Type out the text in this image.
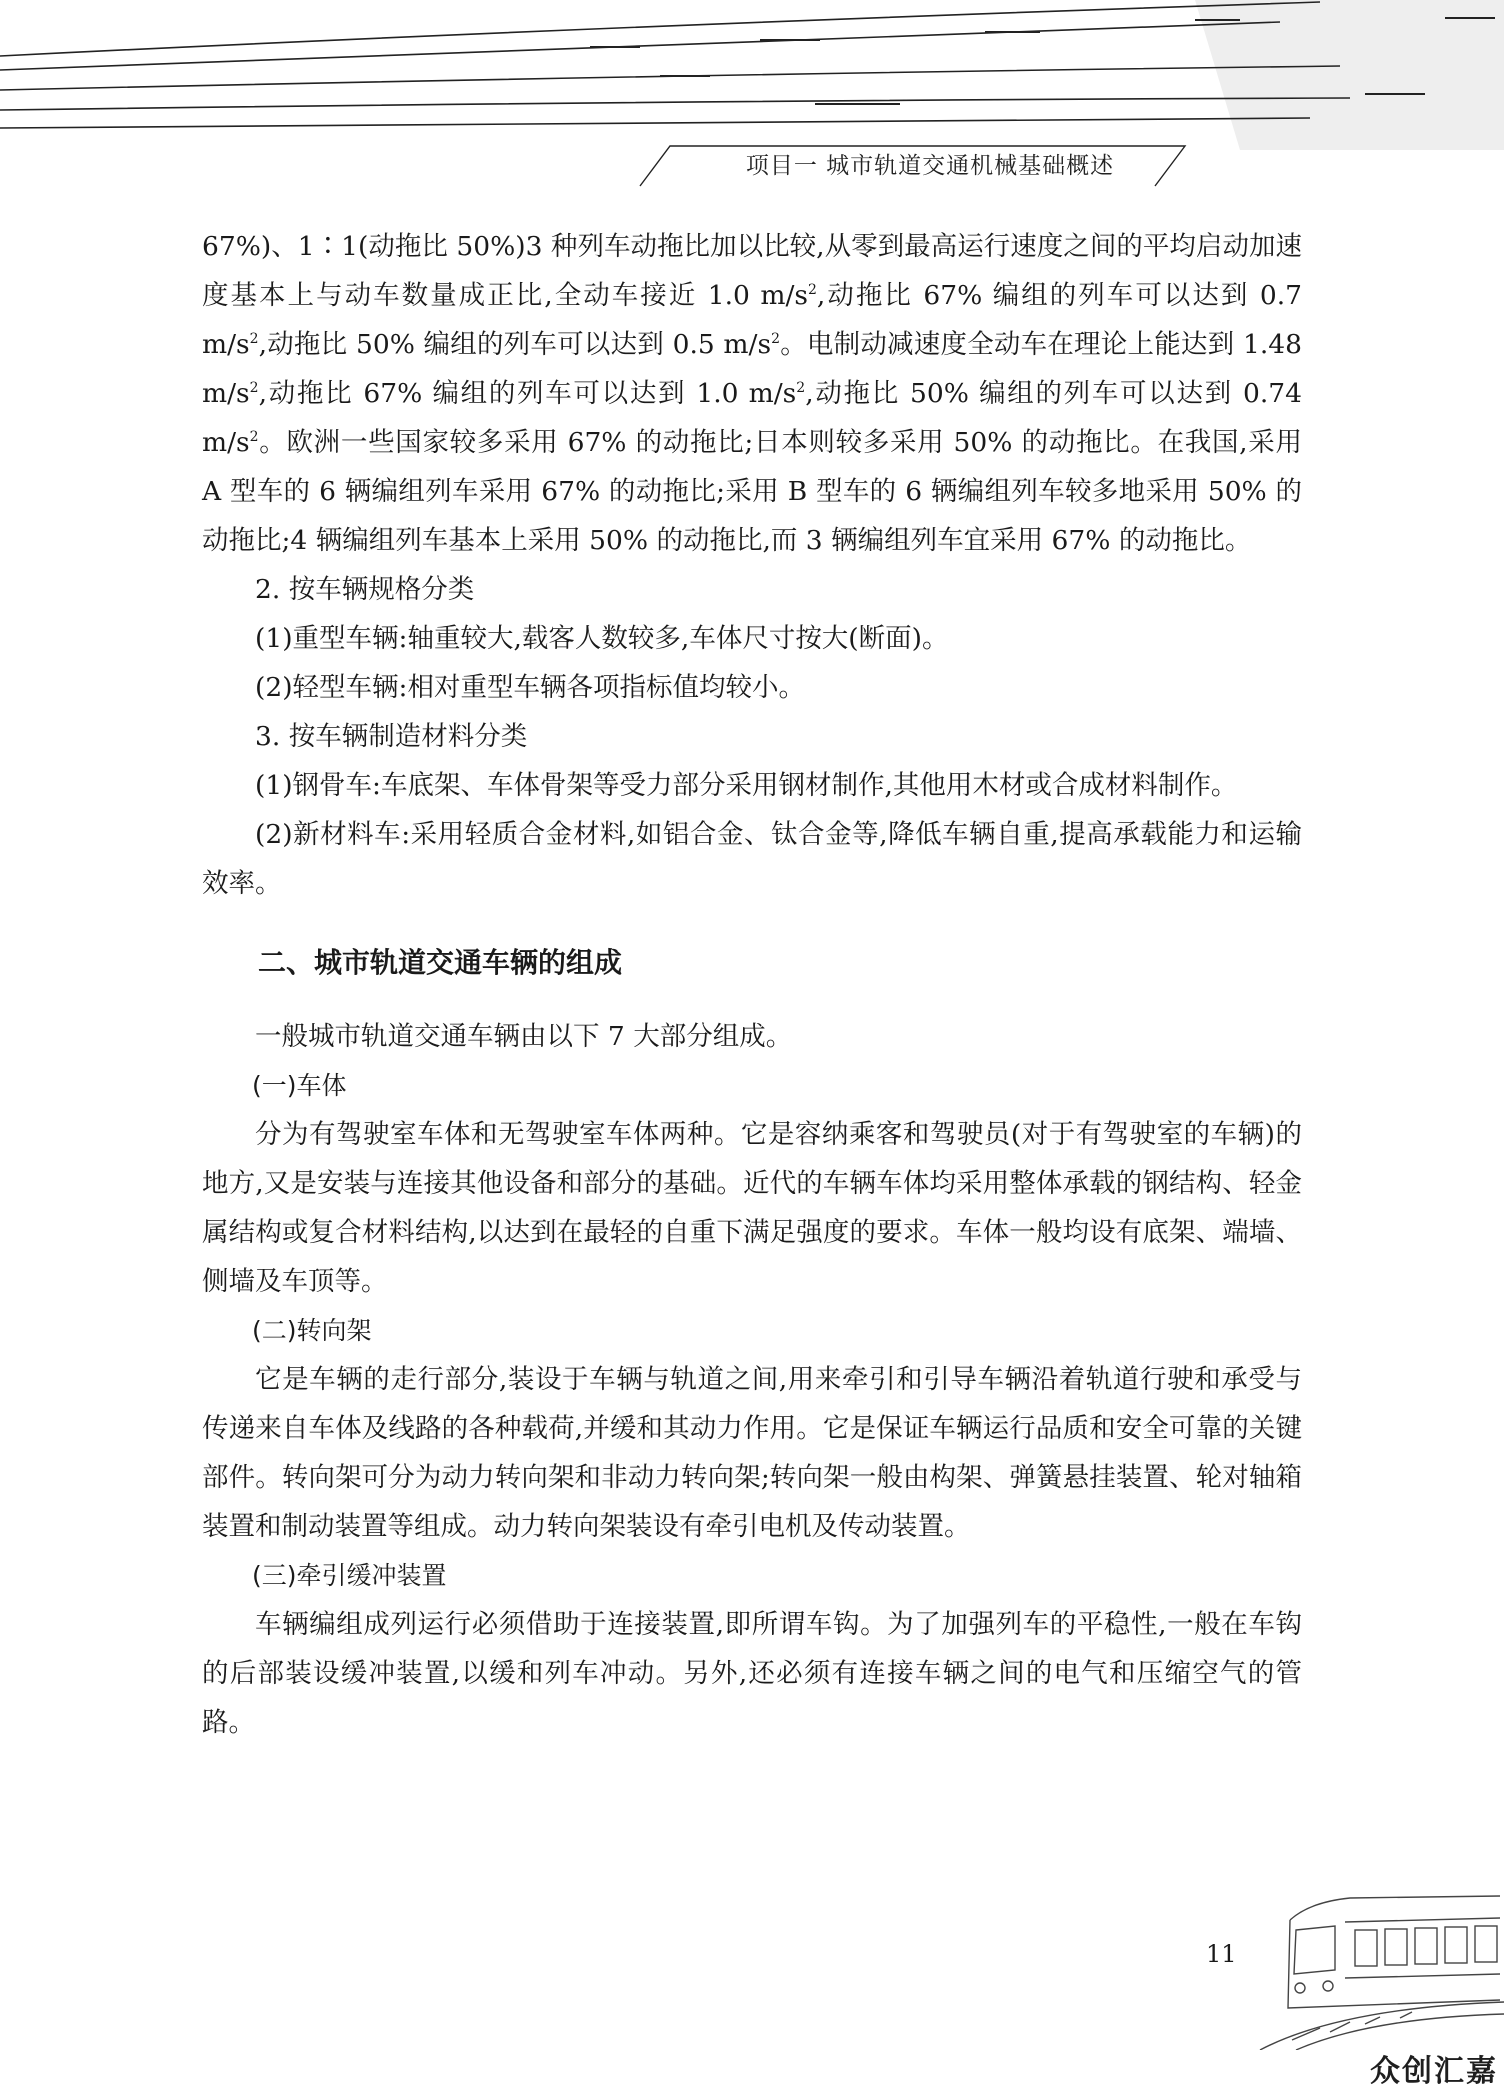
项目一 城市轨道交通机械基础概述

67%)、1∶1(动拖比 50%)3 种列车动拖比加以比较,从零到最高运行速度之间的平均启动加速度基本上与动车数量成正比,全动车接近 1.0 $m/s^2$,动拖比 67% 编组的列车可以达到 0.7 $m/s^2$,动拖比 50% 编组的列车可以达到 0.5 $m/s^2$。电制动减速度全动车在理论上能达到 1.48 $m/s^2$,动拖比 67% 编组的列车可以达到 1.0 $m/s^2$,动拖比 50% 编组的列车可以达到 0.74 $m/s^2$。欧洲一些国家较多采用 67% 的动拖比;日本则较多采用 50% 的动拖比。在我国,采用 A 型车的 6 辆编组列车采用 67% 的动拖比;采用 B 型车的 6 辆编组列车较多地采用 50% 的动拖比;4 辆编组列车基本上采用 50% 的动拖比,而 3 辆编组列车宜采用 67% 的动拖比。

2. 按车辆规格分类

(1)重型车辆:轴重较大,载客人数较多,车体尺寸按大(断面)。

(2)轻型车辆:相对重型车辆各项指标值均较小。

3. 按车辆制造材料分类

(1)钢骨车:车底架、车体骨架等受力部分采用钢材制作,其他用木材或合成材料制作。

(2)新材料车:采用轻质合金材料,如铝合金、钛合金等,降低车辆自重,提高承载能力和运输效率。

二、城市轨道交通车辆的组成

一般城市轨道交通车辆由以下 7 大部分组成。

(一)车体

分为有驾驶室车体和无驾驶室车体两种。它是容纳乘客和驾驶员(对于有驾驶室的车辆)的地方,又是安装与连接其他设备和部分的基础。近代的车辆车体均采用整体承载的钢结构、轻金属结构或复合材料结构,以达到在最轻的自重下满足强度的要求。车体一般均设有底架、端墙、侧墙及车顶等。

(二)转向架

它是车辆的走行部分,装设于车辆与轨道之间,用来牵引和引导车辆沿着轨道行驶和承受与传递来自车体及线路的各种载荷,并缓和其动力作用。它是保证车辆运行品质和安全可靠的关键部件。转向架可分为动力转向架和非动力转向架;转向架一般由构架、弹簧悬挂装置、轮对轴箱装置和制动装置等组成。动力转向架装设有牵引电机及传动装置。

(三)牵引缓冲装置

车辆编组成列运行必须借助于连接装置,即所谓车钩。为了加强列车的平稳性,一般在车钩的后部装设缓冲装置,以缓和列车冲动。另外,还必须有连接车辆之间的电气和压缩空气的管路。

11
众创汇嘉
